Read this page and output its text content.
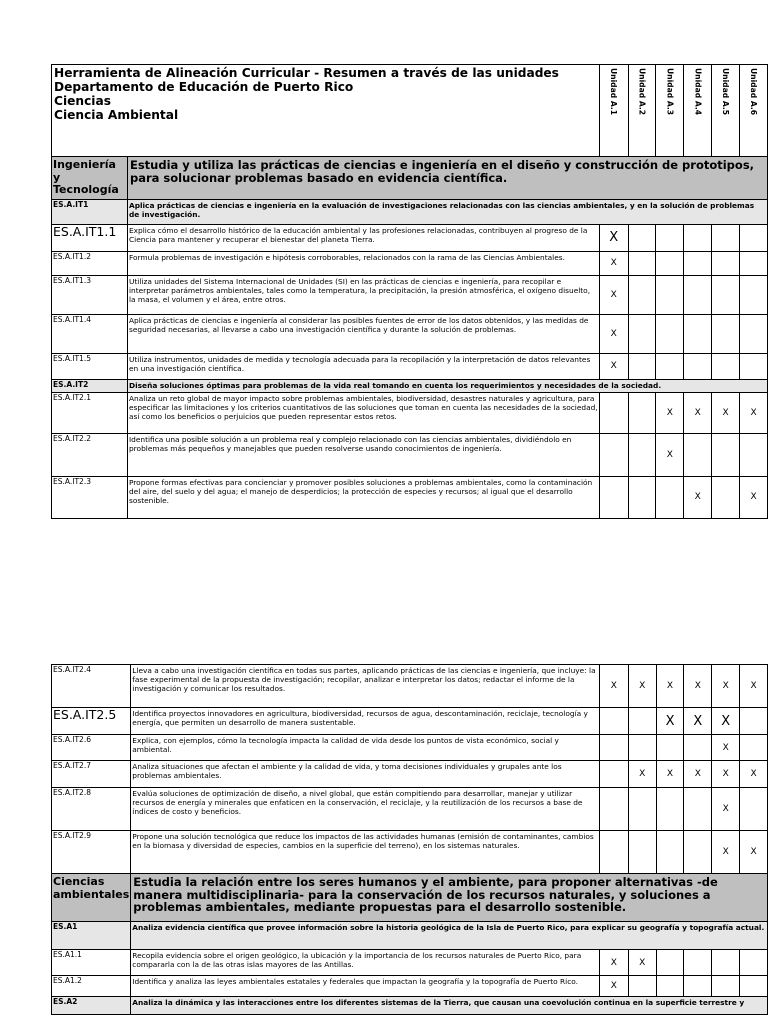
Herramienta de Alineación Curricular - Resumen a través de las unidades
Departamento de Educación de Puerto Rico
Ciencias
Ciencia Ambiental		Unidad A.1	Unidad A.2	Unidad A.3	Unidad A.4	Unidad A.5	Unidad A.6

Ingeniería y Tecnología	Estudia y utiliza las prácticas de ciencias e ingeniería en el diseño y construcción de prototipos, para solucionar problemas basado en evidencia científica.						
ES.A.IT1	Aplica prácticas de ciencias e ingeniería en la evaluación de investigaciones relacionadas con las ciencias ambientales, y en la solución de problemas de investigación.						
ES.A.IT1.1	Explica cómo el desarrollo histórico de la educación ambiental y las profesiones relacionadas, contribuyen al progreso de la Ciencia para mantener y recuperar el bienestar del planeta Tierra.	X					
ES.A.IT1.2	Formula problemas de investigación e hipótesis corroborables, relacionados con la rama de las Ciencias Ambientales.	X					
ES.A.IT1.3	Utiliza unidades del Sistema Internacional de Unidades (SI) en las prácticas de ciencias e ingeniería, para recopilar e interpretar parámetros ambientales, tales como la temperatura, la precipitación, la presión atmosférica, el oxígeno disuelto, la masa, el volumen y el área, entre otros.	X					
ES.A.IT1.4	Aplica prácticas de ciencias e ingeniería al considerar las posibles fuentes de error de los datos obtenidos, y las medidas de seguridad necesarias, al llevarse a cabo una investigación científica y durante la solución de problemas.	X					
ES.A.IT1.5	Utiliza instrumentos, unidades de medida y tecnología adecuada para la recopilación y la interpretación de datos relevantes en una investigación científica.	X					
ES.A.IT2	Diseña soluciones óptimas para problemas de la vida real tomando en cuenta los requerimientos y necesidades de la sociedad.						
ES.A.IT2.1	Analiza un reto global de mayor impacto sobre problemas ambientales, biodiversidad, desastres naturales y agricultura, para especificar las limitaciones y los criterios cuantitativos de las soluciones que toman en cuenta las necesidades de la sociedad, así como los beneficios o perjuicios que pueden representar estos retos.			X	X	X	X
ES.A.IT2.2	Identifica una posible solución a un problema real y complejo relacionado con las ciencias ambientales, dividiéndolo en problemas más pequeños y manejables que pueden resolverse usando conocimientos de ingeniería.			X			
ES.A.IT2.3	Propone formas efectivas para concienciar y promover posibles soluciones a problemas ambientales, como la contaminación del aire, del suelo y del agua; el manejo de desperdicios; la protección de especies y recursos; al igual que el desarrollo sostenible.				X		X
ES.A.IT2.4	Lleva a cabo una investigación científica en todas sus partes, aplicando prácticas de las ciencias e ingeniería, que incluye: la fase experimental de la propuesta de investigación; recopilar, analizar e interpretar los datos; redactar el informe de la investigación y comunicar los resultados.	X	X	X	X	X	X
ES.A.IT2.5	Identifica proyectos innovadores en agricultura, biodiversidad, recursos de agua, descontaminación, reciclaje, tecnología y energía, que permiten un desarrollo de manera sustentable.			X	X	X	
ES.A.IT2.6	Explica, con ejemplos, cómo la tecnología impacta la calidad de vida desde los puntos de vista económico, social y ambiental.					X	
ES.A.IT2.7	Analiza situaciones que afectan el ambiente y la calidad de vida, y toma decisiones individuales y grupales ante los problemas ambientales.		X	X	X	X	X
ES.A.IT2.8	Evalúa soluciones de optimización de diseño, a nivel global, que están compitiendo para desarrollar, manejar y utilizar recursos de energía y minerales que enfaticen en la conservación, el reciclaje, y la reutilización de los recursos a base de índices de costo y beneficios.					X	
ES.A.IT2.9	Propone una solución tecnológica que reduce los impactos de las actividades humanas (emisión de contaminantes, cambios en la biomasa y diversidad de especies, cambios en la superficie del terreno), en los sistemas naturales.					X	X
Ciencias ambientales	Estudia la relación entre los seres humanos y el ambiente, para proponer alternativas -de manera multidisciplinaria- para la conservación de los recursos naturales, y soluciones a problemas ambientales, mediante propuestas para el desarrollo sostenible.						
ES.A1	Analiza evidencia científica que provee información sobre la historia geológica de la Isla de Puerto Rico, para explicar su geografía y topografía actual.						
ES.A1.1	Recopila evidencia sobre el origen geológico, la ubicación y la importancia de los recursos naturales de Puerto Rico, para compararla con la de las otras islas mayores de las Antillas.	X	X				
ES.A1.2	Identifica y analiza las leyes ambientales estatales y federales que impactan la geografía y la topografía de Puerto Rico.	X					
ES.A2	Analiza la dinámica y las interacciones entre los diferentes sistemas de la Tierra, que causan una coevolución continua en la superficie terrestre y						
